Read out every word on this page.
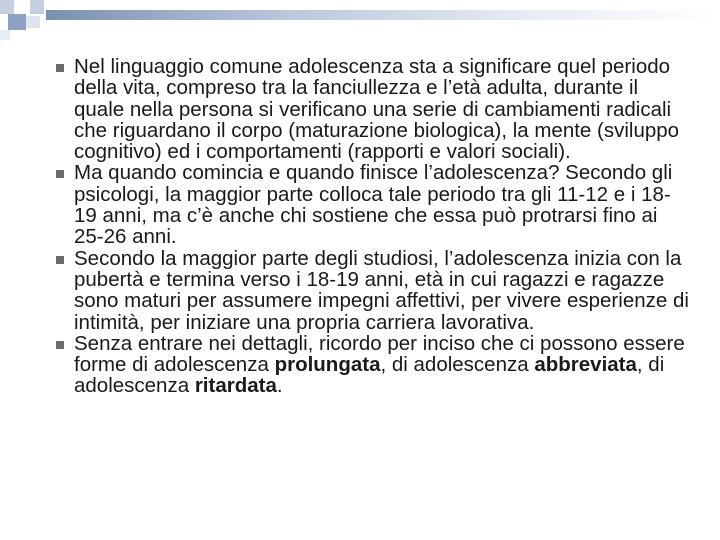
Nel linguaggio comune adolescenza sta a significare quel periodo della vita, compreso tra la fanciullezza e l’età adulta, durante il quale nella persona si verificano una serie di cambiamenti radicali che riguardano il corpo (maturazione biologica), la mente (sviluppo cognitivo) ed i comportamenti (rapporti e valori sociali).
Ma quando comincia e quando finisce l’adolescenza? Secondo gli psicologi, la maggior parte colloca tale periodo tra gli 11-12 e i 18-19 anni, ma c’è anche chi sostiene che essa può protrarsi fino ai 25-26 anni.
Secondo la maggior parte degli studiosi, l’adolescenza inizia con la pubertà e termina verso i 18-19 anni, età in cui ragazzi e ragazze sono maturi per assumere impegni affettivi, per vivere esperienze di intimità, per iniziare una propria carriera lavorativa.
Senza entrare nei dettagli, ricordo per inciso che ci possono essere forme di adolescenza prolungata, di adolescenza abbreviata, di adolescenza ritardata.
